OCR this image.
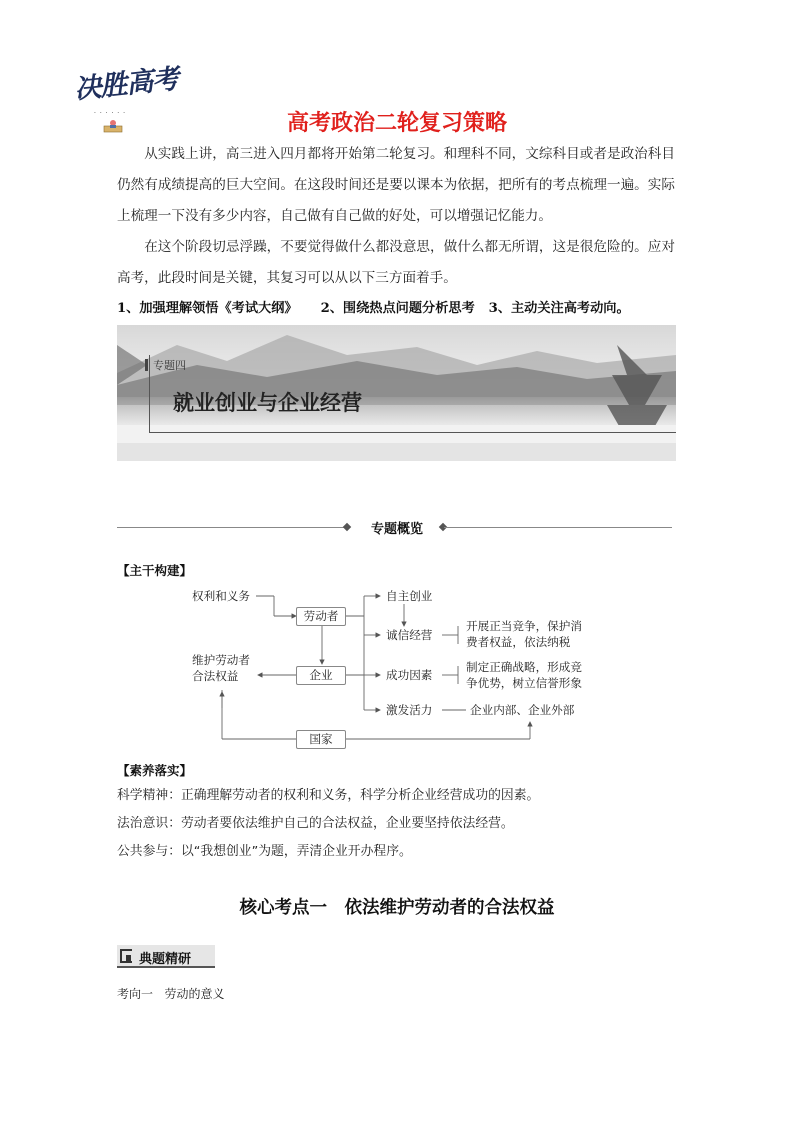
决胜高考
· · · · · ·	高考政治二轮复习策略
从实践上讲，高三进入四月都将开始第二轮复习。和理科不同，文综科目或者是政治科目仍然有成绩提高的巨大空间。在这段时间还是要以课本为依据，把所有的考点梳理一遍。实际上梳理一下没有多少内容，自己做有自己做的好处，可以增强记忆能力。
在这个阶段切忌浮躁，不要觉得做什么都没意思，做什么都无所谓，这是很危险的。应对高考，此段时间是关键，其复习可以从以下三方面着手。
1、加强理解领悟《考试大纲》     2、围绕热点问题分析思考   3、主动关注高考动向。
专题四
就业创业与企业经营
专题概览
【主干构建】
权利和义务
劳动者
维护劳动者
合法权益	企业
国家
自主创业
诚信经营
成功因素
激发活力
开展正当竞争，保护消
费者权益，依法纳税
制定正确战略，形成竞
争优势，树立信誉形象
企业内部、企业外部
【素养落实】
科学精神：正确理解劳动者的权利和义务，科学分析企业经营成功的因素。
法治意识：劳动者要依法维护自己的合法权益，企业要坚持依法经营。
公共参与：以“我想创业”为题，弄清企业开办程序。
核心考点一　依法维护劳动者的合法权益
典题精研
考向一   劳动的意义
